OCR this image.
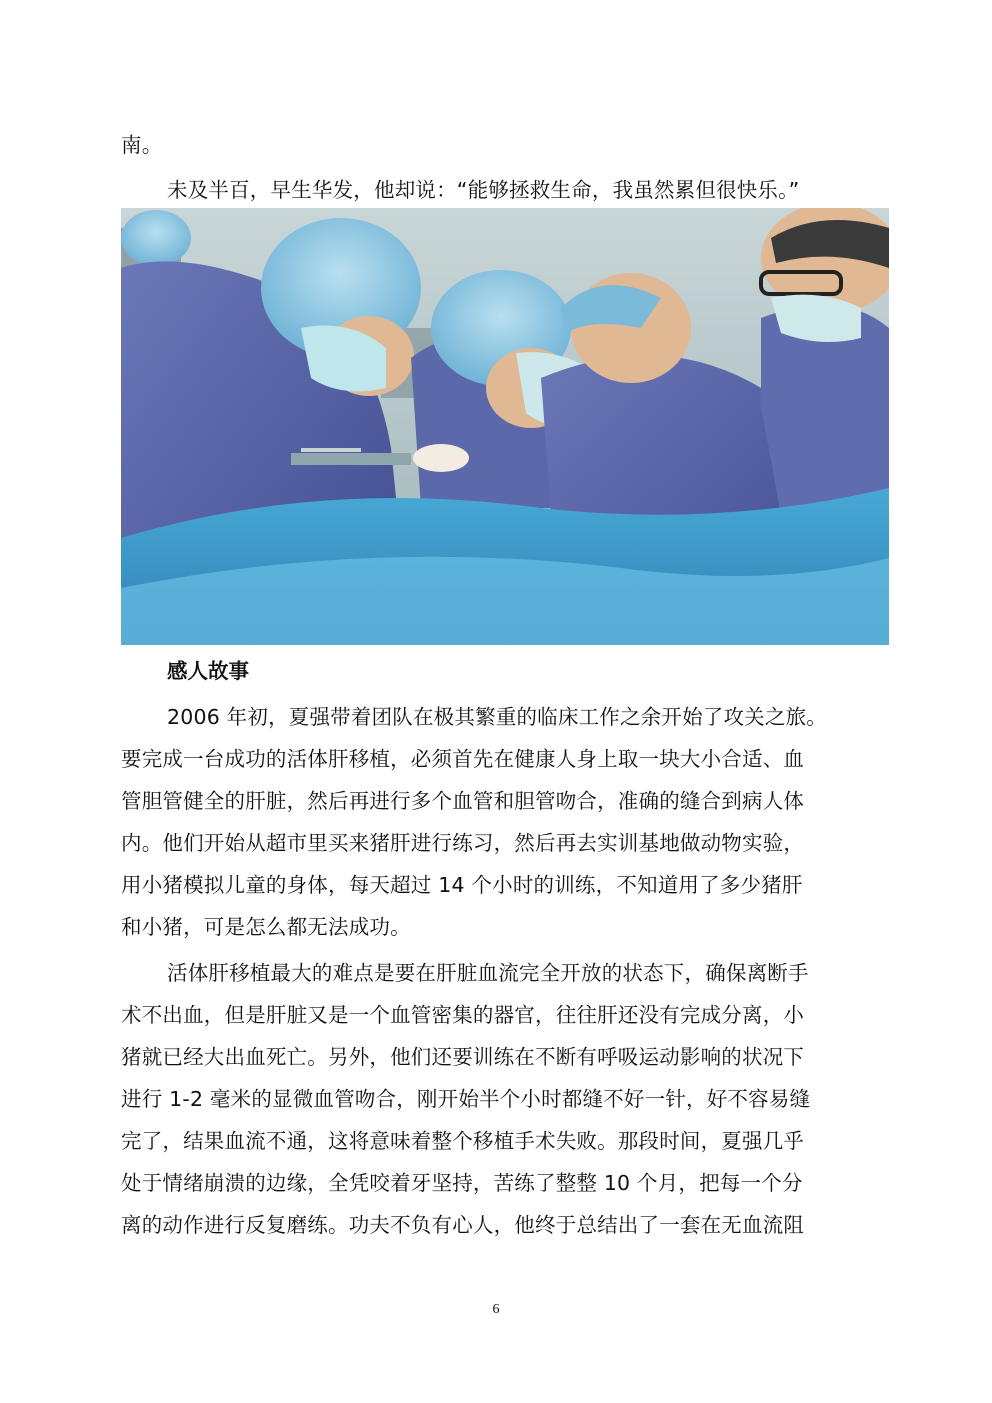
南。
未及半百，早生华发，他却说：“能够拯救生命，我虽然累但很快乐。”
感人故事
2006 年初，夏强带着团队在极其繁重的临床工作之余开始了攻关之旅。
要完成一台成功的活体肝移植，必须首先在健康人身上取一块大小合适、血
管胆管健全的肝脏，然后再进行多个血管和胆管吻合，准确的缝合到病人体
内。他们开始从超市里买来猪肝进行练习，然后再去实训基地做动物实验，
用小猪模拟儿童的身体，每天超过 14 个小时的训练，不知道用了多少猪肝
和小猪，可是怎么都无法成功。
活体肝移植最大的难点是要在肝脏血流完全开放的状态下，确保离断手
术不出血，但是肝脏又是一个血管密集的器官，往往肝还没有完成分离，小
猪就已经大出血死亡。另外，他们还要训练在不断有呼吸运动影响的状况下
进行 1-2 毫米的显微血管吻合，刚开始半个小时都缝不好一针，好不容易缝
完了，结果血流不通，这将意味着整个移植手术失败。那段时间，夏强几乎
处于情绪崩溃的边缘，全凭咬着牙坚持，苦练了整整 10 个月，把每一个分
离的动作进行反复磨练。功夫不负有心人，他终于总结出了一套在无血流阻
6
